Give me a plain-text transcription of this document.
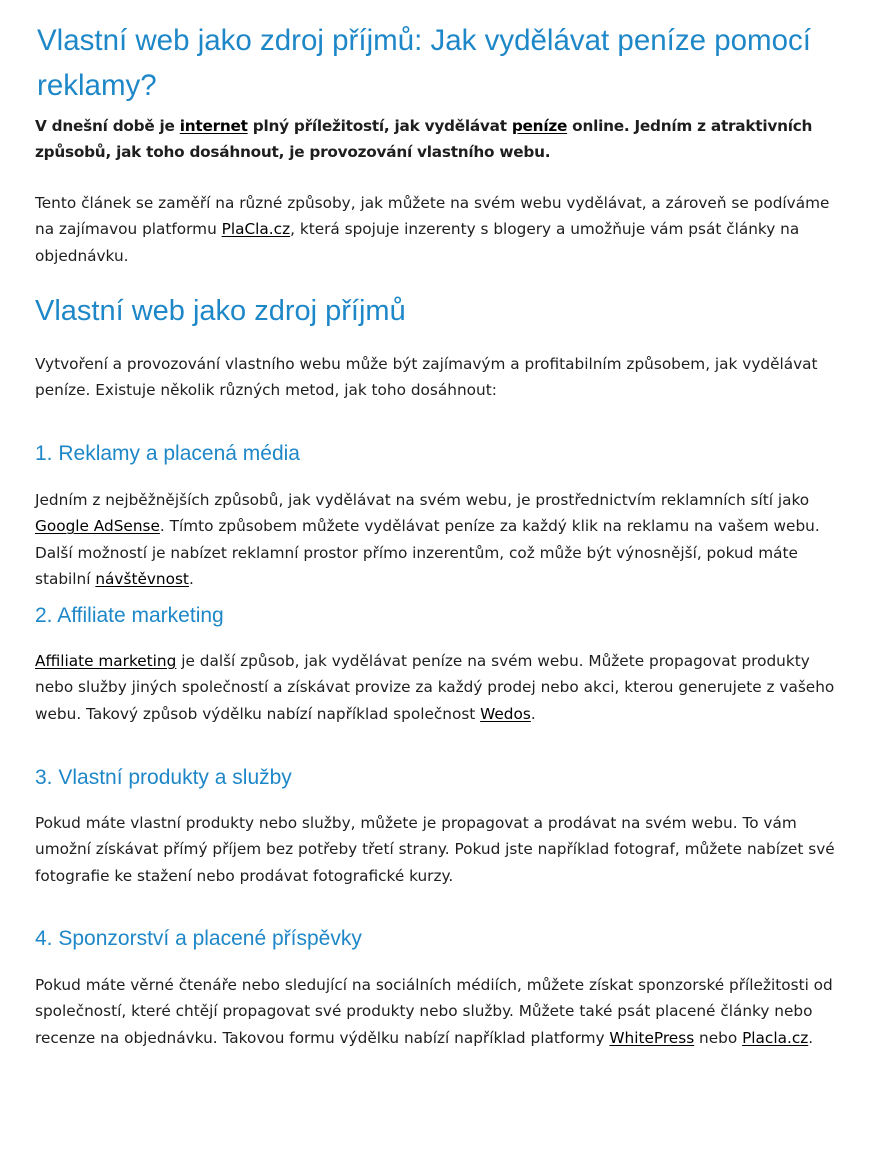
Vlastní web jako zdroj příjmů: Jak vydělávat peníze pomocí reklamy?

V dnešní době je internet plný příležitostí, jak vydělávat peníze online. Jedním z atraktivních způsobů, jak toho dosáhnout, je provozování vlastního webu.

Tento článek se zaměří na různé způsoby, jak můžete na svém webu vydělávat, a zároveň se podíváme na zajímavou platformu PlaCla.cz, která spojuje inzerenty s blogery a umožňuje vám psát články na objednávku.

Vlastní web jako zdroj příjmů

Vytvoření a provozování vlastního webu může být zajímavým a profitabilním způsobem, jak vydělávat peníze. Existuje několik různých metod, jak toho dosáhnout:

1. Reklamy a placená média

Jedním z nejběžnějších způsobů, jak vydělávat na svém webu, je prostřednictvím reklamních sítí jako Google AdSense. Tímto způsobem můžete vydělávat peníze za každý klik na reklamu na vašem webu. Další možností je nabízet reklamní prostor přímo inzerentům, což může být výnosnější, pokud máte stabilní návštěvnost.

2. Affiliate marketing

Affiliate marketing je další způsob, jak vydělávat peníze na svém webu. Můžete propagovat produkty nebo služby jiných společností a získávat provize za každý prodej nebo akci, kterou generujete z vašeho webu. Takový způsob výdělku nabízí například společnost Wedos.

3. Vlastní produkty a služby

Pokud máte vlastní produkty nebo služby, můžete je propagovat a prodávat na svém webu. To vám umožní získávat přímý příjem bez potřeby třetí strany. Pokud jste například fotograf, můžete nabízet své fotografie ke stažení nebo prodávat fotografické kurzy.

4. Sponzorství a placené příspěvky

Pokud máte věrné čtenáře nebo sledující na sociálních médiích, můžete získat sponzorské příležitosti od společností, které chtějí propagovat své produkty nebo služby. Můžete také psát placené články nebo recenze na objednávku. Takovou formu výdělku nabízí například platformy WhitePress nebo Placla.cz.
